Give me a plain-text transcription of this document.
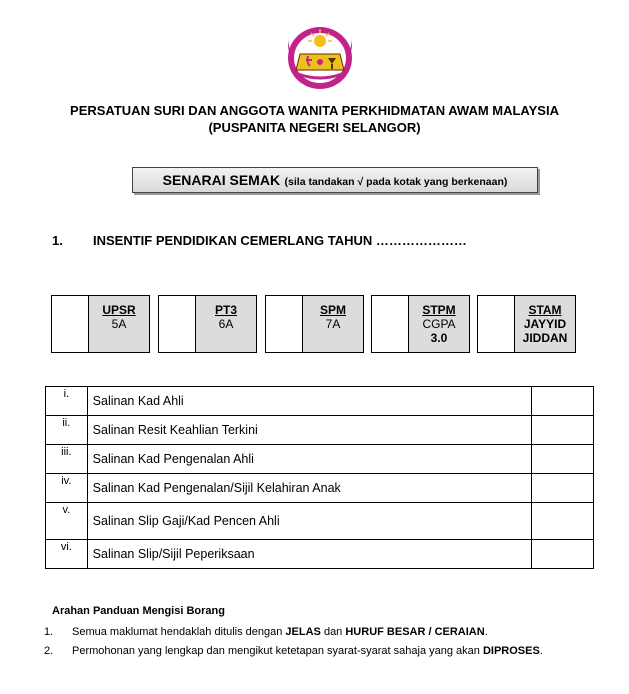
PERSATUAN SURI DAN ANGGOTA WANITA PERKHIDMATAN AWAM MALAYSIA
(PUSPANITA NEGERI SELANGOR)
SENARAI SEMAK (sila tandakan √ pada kotak yang berkenaan)
1. INSENTIF PENDIDIKAN CEMERLANG TAHUN …………………
UPSR
5A
PT3
6A
SPM
7A
STPM
CGPA
3.0
STAM
JAYYID
JIDDAN
i.	Salinan Kad Ahli	
ii.	Salinan Resit Keahlian Terkini	
iii.	Salinan Kad Pengenalan Ahli	
iv.	Salinan Kad Pengenalan/Sijil Kelahiran Anak	
v.	Salinan Slip Gaji/Kad Pencen Ahli	
vi.	Salinan Slip/Sijil Peperiksaan	
Arahan Panduan Mengisi Borang
1. Semua maklumat hendaklah ditulis dengan JELAS dan HURUF BESAR / CERAIAN.
2. Permohonan yang lengkap dan mengikut ketetapan syarat-syarat sahaja yang akan DIPROSES.
